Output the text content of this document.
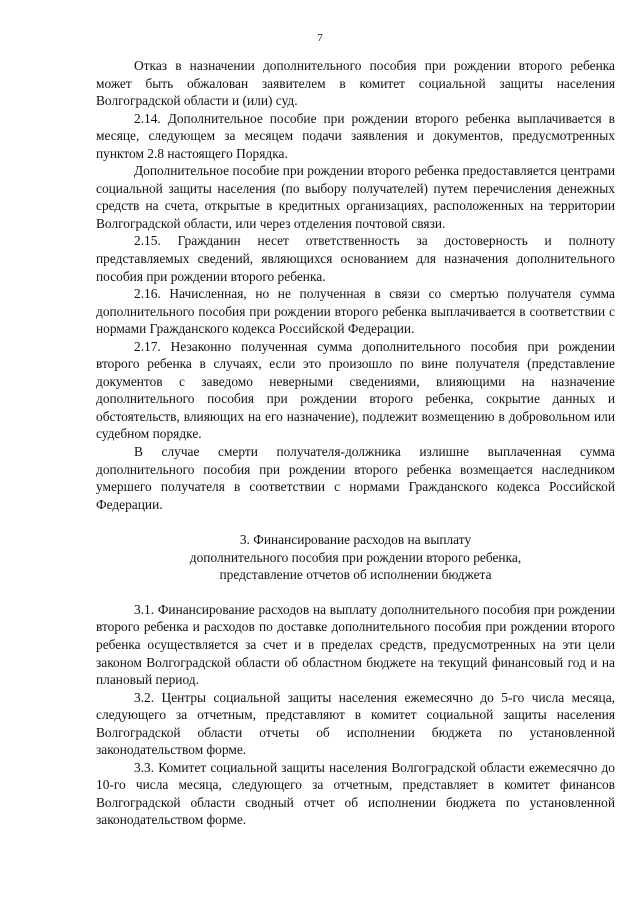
7

Отказ в назначении дополнительного пособия при рождении второго ребенка может быть обжалован заявителем в комитет социальной защиты населения Волгоградской области и (или) суд.

2.14. Дополнительное пособие при рождении второго ребенка выплачивается в месяце, следующем за месяцем подачи заявления и документов, предусмотренных пунктом 2.8 настоящего Порядка.

Дополнительное пособие при рождении второго ребенка предоставляется центрами социальной защиты населения (по выбору получателей) путем перечисления денежных средств на счета, открытые в кредитных организациях, расположенных на территории Волгоградской области, или через отделения почтовой связи.

2.15. Гражданин несет ответственность за достоверность и полноту представляемых сведений, являющихся основанием для назначения дополнительного пособия при рождении второго ребенка.

2.16. Начисленная, но не полученная в связи со смертью получателя сумма дополнительного пособия при рождении второго ребенка выплачивается в соответствии с нормами Гражданского кодекса Российской Федерации.

2.17. Незаконно полученная сумма дополнительного пособия при рождении второго ребенка в случаях, если это произошло по вине получателя (представление документов с заведомо неверными сведениями, влияющими на назначение дополнительного пособия при рождении второго ребенка, сокрытие данных и обстоятельств, влияющих на его назначение), подлежит возмещению в добровольном или судебном порядке.

В случае смерти получателя-должника излишне выплаченная сумма дополнительного пособия при рождении второго ребенка возмещается наследником умершего получателя в соответствии с нормами Гражданского кодекса Российской Федерации.

3. Финансирование расходов на выплату
дополнительного пособия при рождении второго ребенка,
представление отчетов об исполнении бюджета

3.1. Финансирование расходов на выплату дополнительного пособия при рождении второго ребенка и расходов по доставке дополнительного пособия при рождении второго ребенка осуществляется за счет и в пределах средств, предусмотренных на эти цели законом Волгоградской области об областном бюджете на текущий финансовый год и на плановый период.

3.2. Центры социальной защиты населения ежемесячно до 5-го числа месяца, следующего за отчетным, представляют в комитет социальной защиты населения Волгоградской области отчеты об исполнении бюджета по установленной законодательством форме.

3.3. Комитет социальной защиты населения Волгоградской области ежемесячно до 10-го числа месяца, следующего за отчетным, представляет в комитет финансов Волгоградской области сводный отчет об исполнении бюджета по установленной законодательством форме.
